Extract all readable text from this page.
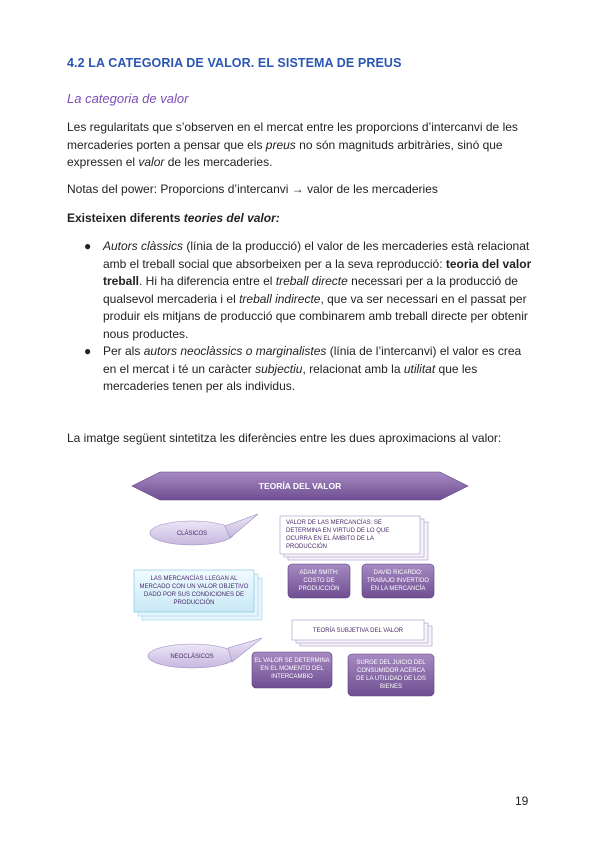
4.2 LA CATEGORIA DE VALOR. EL SISTEMA DE PREUS
La categoria de valor
Les regularitats que s’observen en el mercat entre les proporcions d’intercanvi de les mercaderies porten a pensar que els preus no són magnituds arbitràries, sinó que expressen el valor de les mercaderies.
Notas del power: Proporcions d’intercanvi → valor de les mercaderies
Existeixen diferents teories del valor:
● Autors clàssics (línia de la producció) el valor de les mercaderies està relacionat amb el treball social que absorbeixen per a la seva reproducció: teoria del valor treball. Hi ha diferencia entre el treball directe necessari per a la producció de qualsevol mercaderia i el treball indirecte, que va ser necessari en el passat per produir els mitjans de producció que combinarem amb treball directe per obtenir nous productes.
● Per als autors neoclàssics o marginalistes (línia de l’intercanvi) el valor es crea en el mercat i té un caràcter subjectiu, relacionat amb la utilitat que les mercaderies tenen per als individus.
La imatge següent sintetitza les diferències entre les dues aproximacions al valor:
TEORÍA DEL VALOR
CLÁSICOS
VALOR DE LAS MERCANCÍAS: SE
DETERMINA EN VIRTUD DE LO QUE
OCURRA EN EL ÁMBITO DE LA
PRODUCCIÓN
ADAM SMITH:
COSTO DE
PRODUCCIÓN
DAVID RICARDO:
TRABAJO INVERTIDO
EN LA MERCANCÍA
LAS MERCANCÍAS LLEGAN AL
MERCADO CON UN VALOR OBJETIVO
DADO POR SUS CONDICIONES DE
PRODUCCIÓN
TEORÍA SUBJETIVA DEL VALOR
NEOCLÁSICOS
EL VALOR SE DETERMINA
EN EL MOMENTO DEL
INTERCAMBIO
SURGE DEL JUICIO DEL
CONSUMIDOR ACERCA
DE LA UTILIDAD DE LOS
BIENES
19
